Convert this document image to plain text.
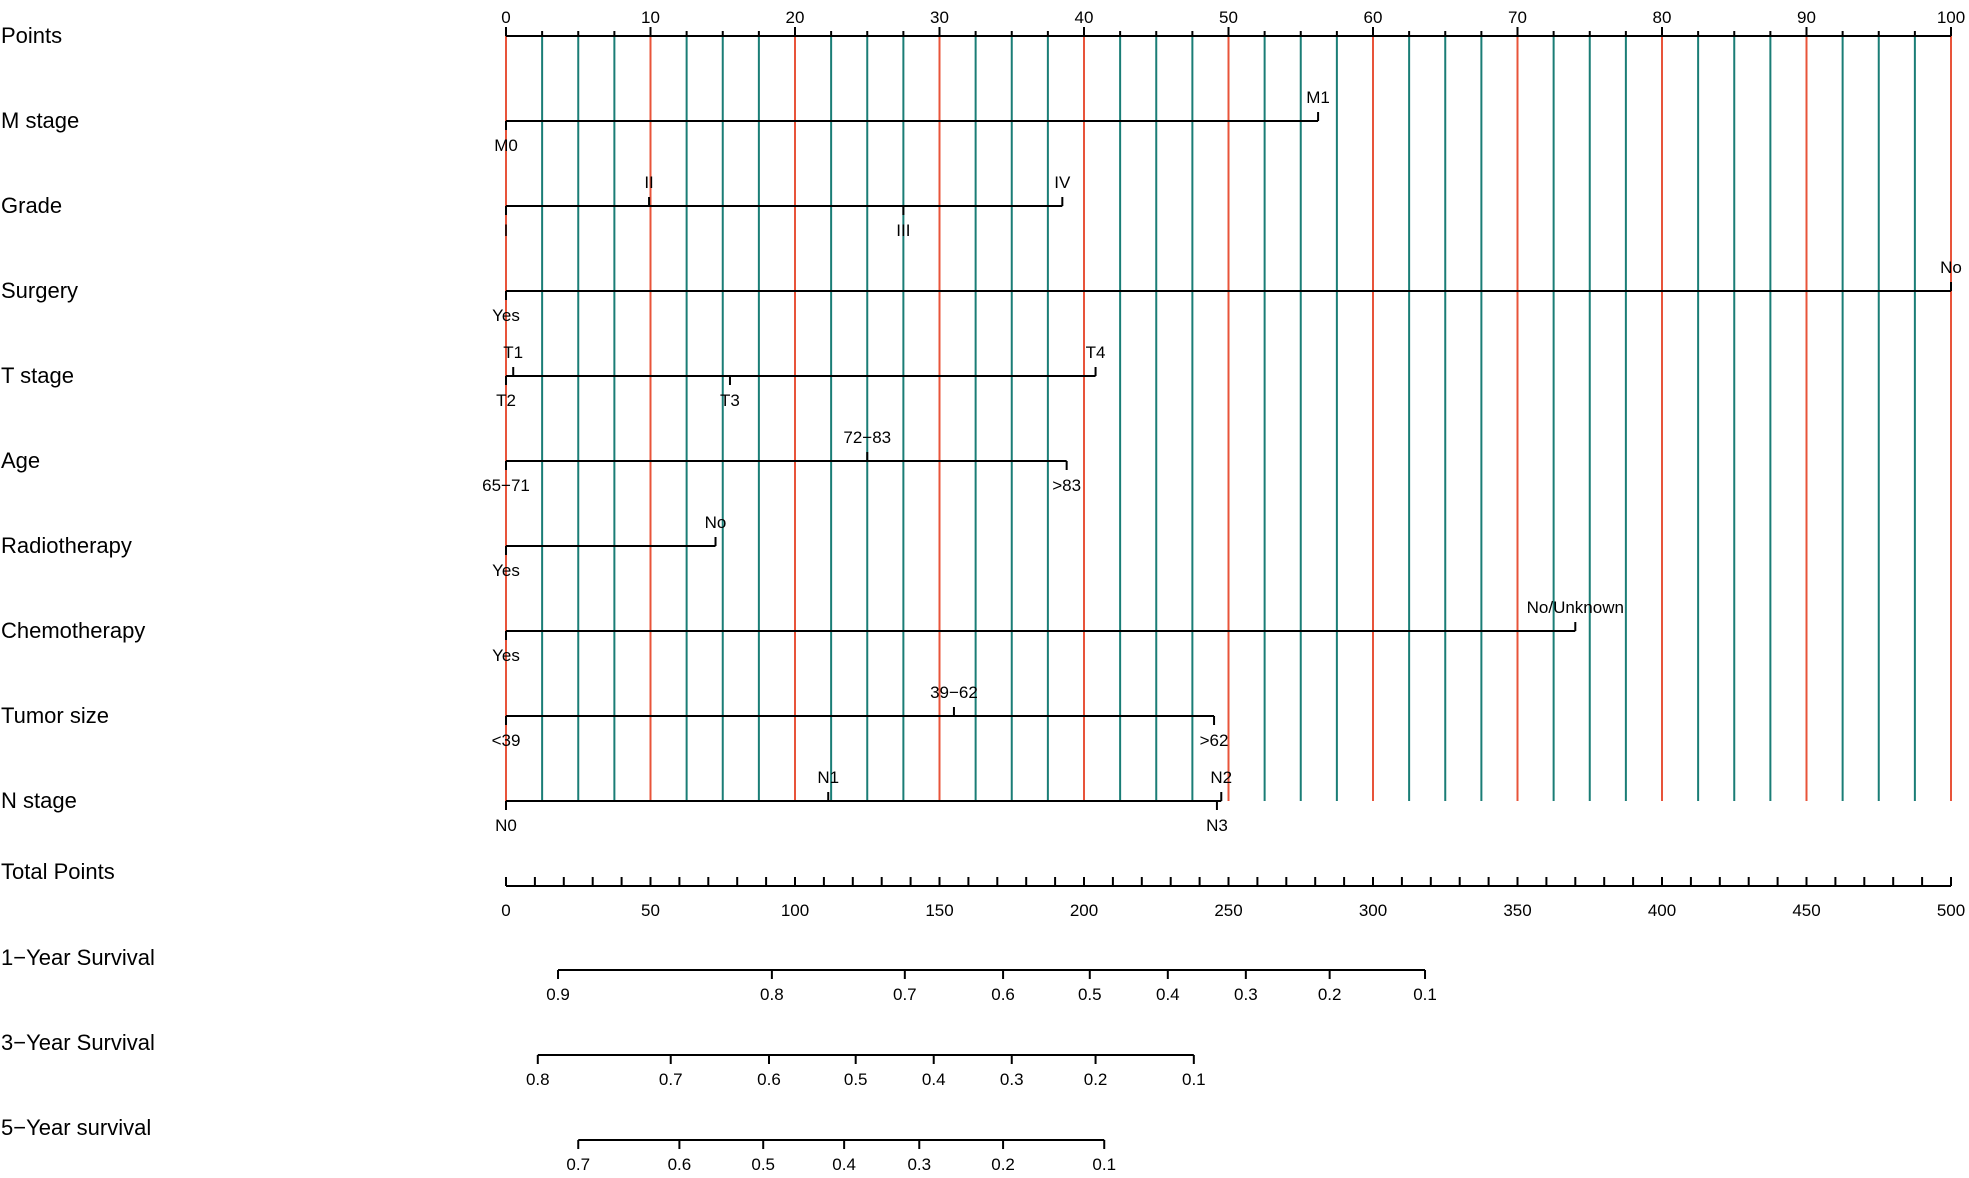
0	10	20	30	40	50	60	70	80	90	100
M0
M1
I
II
III
IV
Yes
No
T1
T2	T3
T4
65−71
72−83
>83
Yes
No
Yes
No/Unknown
<39
39−62
>62
N0
N1	N2
N3
0	50	100	150	200	250	300	350	400	450	500
0.9	0.8	0.7	0.6	0.5	0.4	0.3	0.2	0.1
0.8	0.7	0.6	0.5	0.4	0.3	0.2	0.1
0.7	0.6	0.5	0.4	0.3	0.2	0.1
Points
M stage
Grade
Surgery
T stage
Age
Radiotherapy
Chemotherapy
Tumor size
N stage
Total Points
1−Year Survival
3−Year Survival
5−Year survival
